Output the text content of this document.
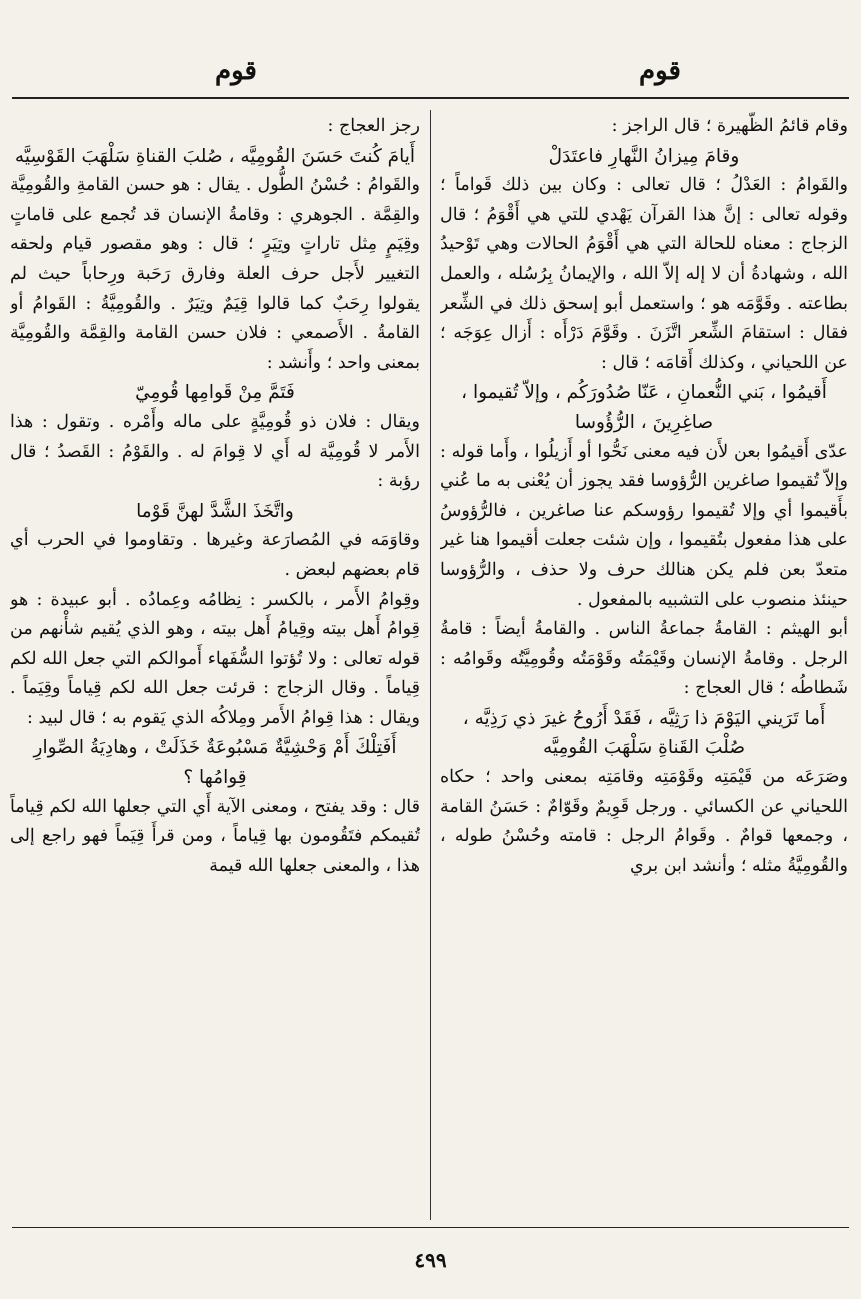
قوم
قوم

وقام قائمُ الظَّهيرة ؛ قال الراجز :

وقامَ مِيزانُ النَّهارِ فاعتَدَلْ

والقَوامُ : العَدْلُ ؛ قال تعالى : وكان بين ذلك قَواماً ؛ وقوله تعالى : إنَّ هذا القرآن يَهْدي للتي هي أَقْوَمُ ؛ قال الزجاج : معناه للحالة التي هي أَقْوَمُ الحالات وهي تَوْحيدُ الله ، وشهادةُ أن لا إله إلاّ الله ، والإيمانُ بِرُسُله ، والعمل بطاعته . وقَوَّمَه هو ؛ واستعمل أبو إسحق ذلك في الشِّعر فقال : استقامَ الشِّعر اتَّزَنَ . وقَوَّمَ دَرْأَه : أَزال عِوَجَه ؛ عن اللحياني ، وكذلك أَقامَه ؛ قال :

أَقيمُوا ، بَني النُّعمانِ ، عَنّا صُدُورَكُم ، وإلاّ تُقيموا ، صاغِرِينَ ، الرُّؤُوسا

عدّى أَقيمُوا بعن لأَن فيه معنى نَحُّوا أو أَزيلُوا ، وأَما قوله : وإلاّ تُقيموا صاغرين الرُّؤوسا فقد يجوز أن يُعْنى به ما عُني بأَقيموا أي وإلا تُقيموا رؤوسكم عنا صاغرين ، فالرُّؤوسُ على هذا مفعول بتُقيموا ، وإن شئت جعلت أقيموا هنا غير متعدّ بعن فلم يكن هنالك حرف ولا حذف ، والرُّؤوسا حينئذ منصوب على التشبيه بالمفعول .

أبو الهيثم : القامةُ جماعةُ الناس . والقامةُ أيضاً : قامةُ الرجل . وقامةُ الإنسان وقَيْمَتُه وقَوْمَتُه وقُومِيَّتُه وقَوامُه : شَطاطُه ؛ قال العجاج :

أَما تَرَيني اليَوْمَ ذا رَثِيَّه ، فَقَدْ أَرُوحُ غيرَ ذي رَذِيَّه ، صُلْبَ القَناةِ سَلْهَبَ القُومِيَّه

وصَرَعَه من قَيْمَتِه وقَوْمَتِه وقامَتِه بمعنى واحد ؛ حكاه اللحياني عن الكسائي . ورجل قَوِيمٌ وقَوّامٌ : حَسَنُ القامة ، وجمعها قوامٌ . وقَوامُ الرجل : قامته وحُسْنُ طوله ، والقُومِيَّةُ مثله ؛ وأنشد ابن بري

رجز العجاج :

أَيامَ كُنتَ حَسَنَ القُومِيَّه ، صُلبَ القناةِ سَلْهَبَ القَوْسِيَّه

والقَوامُ : حُسْنُ الطُّول . يقال : هو حسن القامةِ والقُومِيَّة والقِمَّة . الجوهري : وقامةُ الإنسان قد تُجمع على قاماتٍ وقِيَمٍ مِثل تاراتٍ وتِيَرٍ ؛ قال : وهو مقصور قيام ولحقه التغيير لأَجل حرف العلة وفارق رَحَبة ورِحاباً حيث لم يقولوا رِحَبٌ كما قالوا قِيَمٌ وتِيَرٌ . والقُومِيَّةُ : القَوامُ أو القامةُ . الأَصمعي : فلان حسن القامة والقِمَّة والقُومِيَّة بمعنى واحد ؛ وأَنشد :

فَتَمَّ مِنْ قَوامِها قُومِيّ

ويقال : فلان ذو قُومِيَّةٍ على ماله وأَمْره . وتقول : هذا الأَمر لا قُومِيَّة له أَي لا قِوامَ له . والقَوْمُ : القَصدُ ؛ قال رؤبة :

واتَّخَذَ الشَّدَّ لهنَّ قَوْما

وقاوَمَه في المُصارَعة وغيرها . وتقاوموا في الحرب أي قام بعضهم لبعض .

وقِوامُ الأَمر ، بالكسر : نِظامُه وعِمادُه . أبو عبيدة : هو قِوامُ أَهل بيته وقِيامُ أَهل بيته ، وهو الذي يُقيم شأْنهم من قوله تعالى : ولا تُؤتوا السُّفَهاء أَموالكم التي جعل الله لكم قِياماً . وقال الزجاج : قرئت جعل الله لكم قِياماً وقِيَماً . ويقال : هذا قِوامُ الأَمر ومِلاكُه الذي يَقوم به ؛ قال لبيد :

أَفَتِلْكَ أَمْ وَحْشِيَّةٌ مَسْبُوعَةٌ خَذَلَتْ ، وهادِيَةُ الصِّوارِ قِوامُها ؟

قال : وقد يفتح ، ومعنى الآية أَي التي جعلها الله لكم قِياماً تُقيمكم فتَقُومون بها قِياماً ، ومن قرأَ قِيَماً فهو راجع إلى هذا ، والمعنى جعلها الله قيمة

٤٩٩
